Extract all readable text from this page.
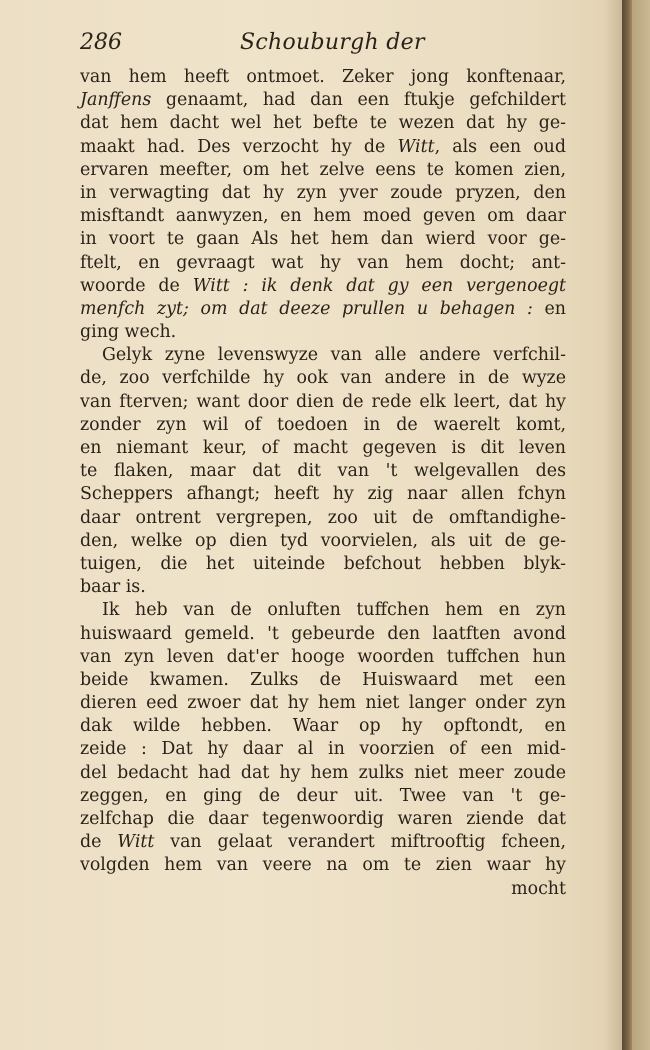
286	Schouburgh der
van hem heeft ontmoet. Zeker jong konftenaar,
Janffens genaamt, had dan een ftukje gefchildert
dat hem dacht wel het befte te wezen dat hy ge-
maakt had. Des verzocht hy de Witt, als een oud
ervaren meefter, om het zelve eens te komen zien,
in verwagting dat hy zyn yver zoude pryzen, den
misftandt aanwyzen, en hem moed geven om daar
in voort te gaan Als het hem dan wierd voor ge-
ftelt, en gevraagt wat hy van hem docht; ant-
woorde de Witt : ik denk dat gy een vergenoegt
menfch zyt; om dat deeze prullen u behagen : en
ging wech.
Gelyk zyne levenswyze van alle andere verfchil-
de, zoo verfchilde hy ook van andere in de wyze
van fterven; want door dien de rede elk leert, dat hy
zonder zyn wil of toedoen in de waerelt komt,
en niemant keur, of macht gegeven is dit leven
te flaken, maar dat dit van 't welgevallen des
Scheppers afhangt; heeft hy zig naar allen fchyn
daar ontrent vergrepen, zoo uit de omftandighe-
den, welke op dien tyd voorvielen, als uit de ge-
tuigen, die het uiteinde befchout hebben blyk-
baar is.
Ik heb van de onluften tuffchen hem en zyn
huiswaard gemeld. 't gebeurde den laatften avond
van zyn leven dat'er hooge woorden tuffchen hun
beide kwamen. Zulks de Huiswaard met een
dieren eed zwoer dat hy hem niet langer onder zyn
dak wilde hebben. Waar op hy opftondt, en
zeide : Dat hy daar al in voorzien of een mid-
del bedacht had dat hy hem zulks niet meer zoude
zeggen, en ging de deur uit. Twee van 't ge-
zelfchap die daar tegenwoordig waren ziende dat
de Witt van gelaat verandert miftrooftig fcheen,
volgden hem van veere na om te zien waar hy
mocht
